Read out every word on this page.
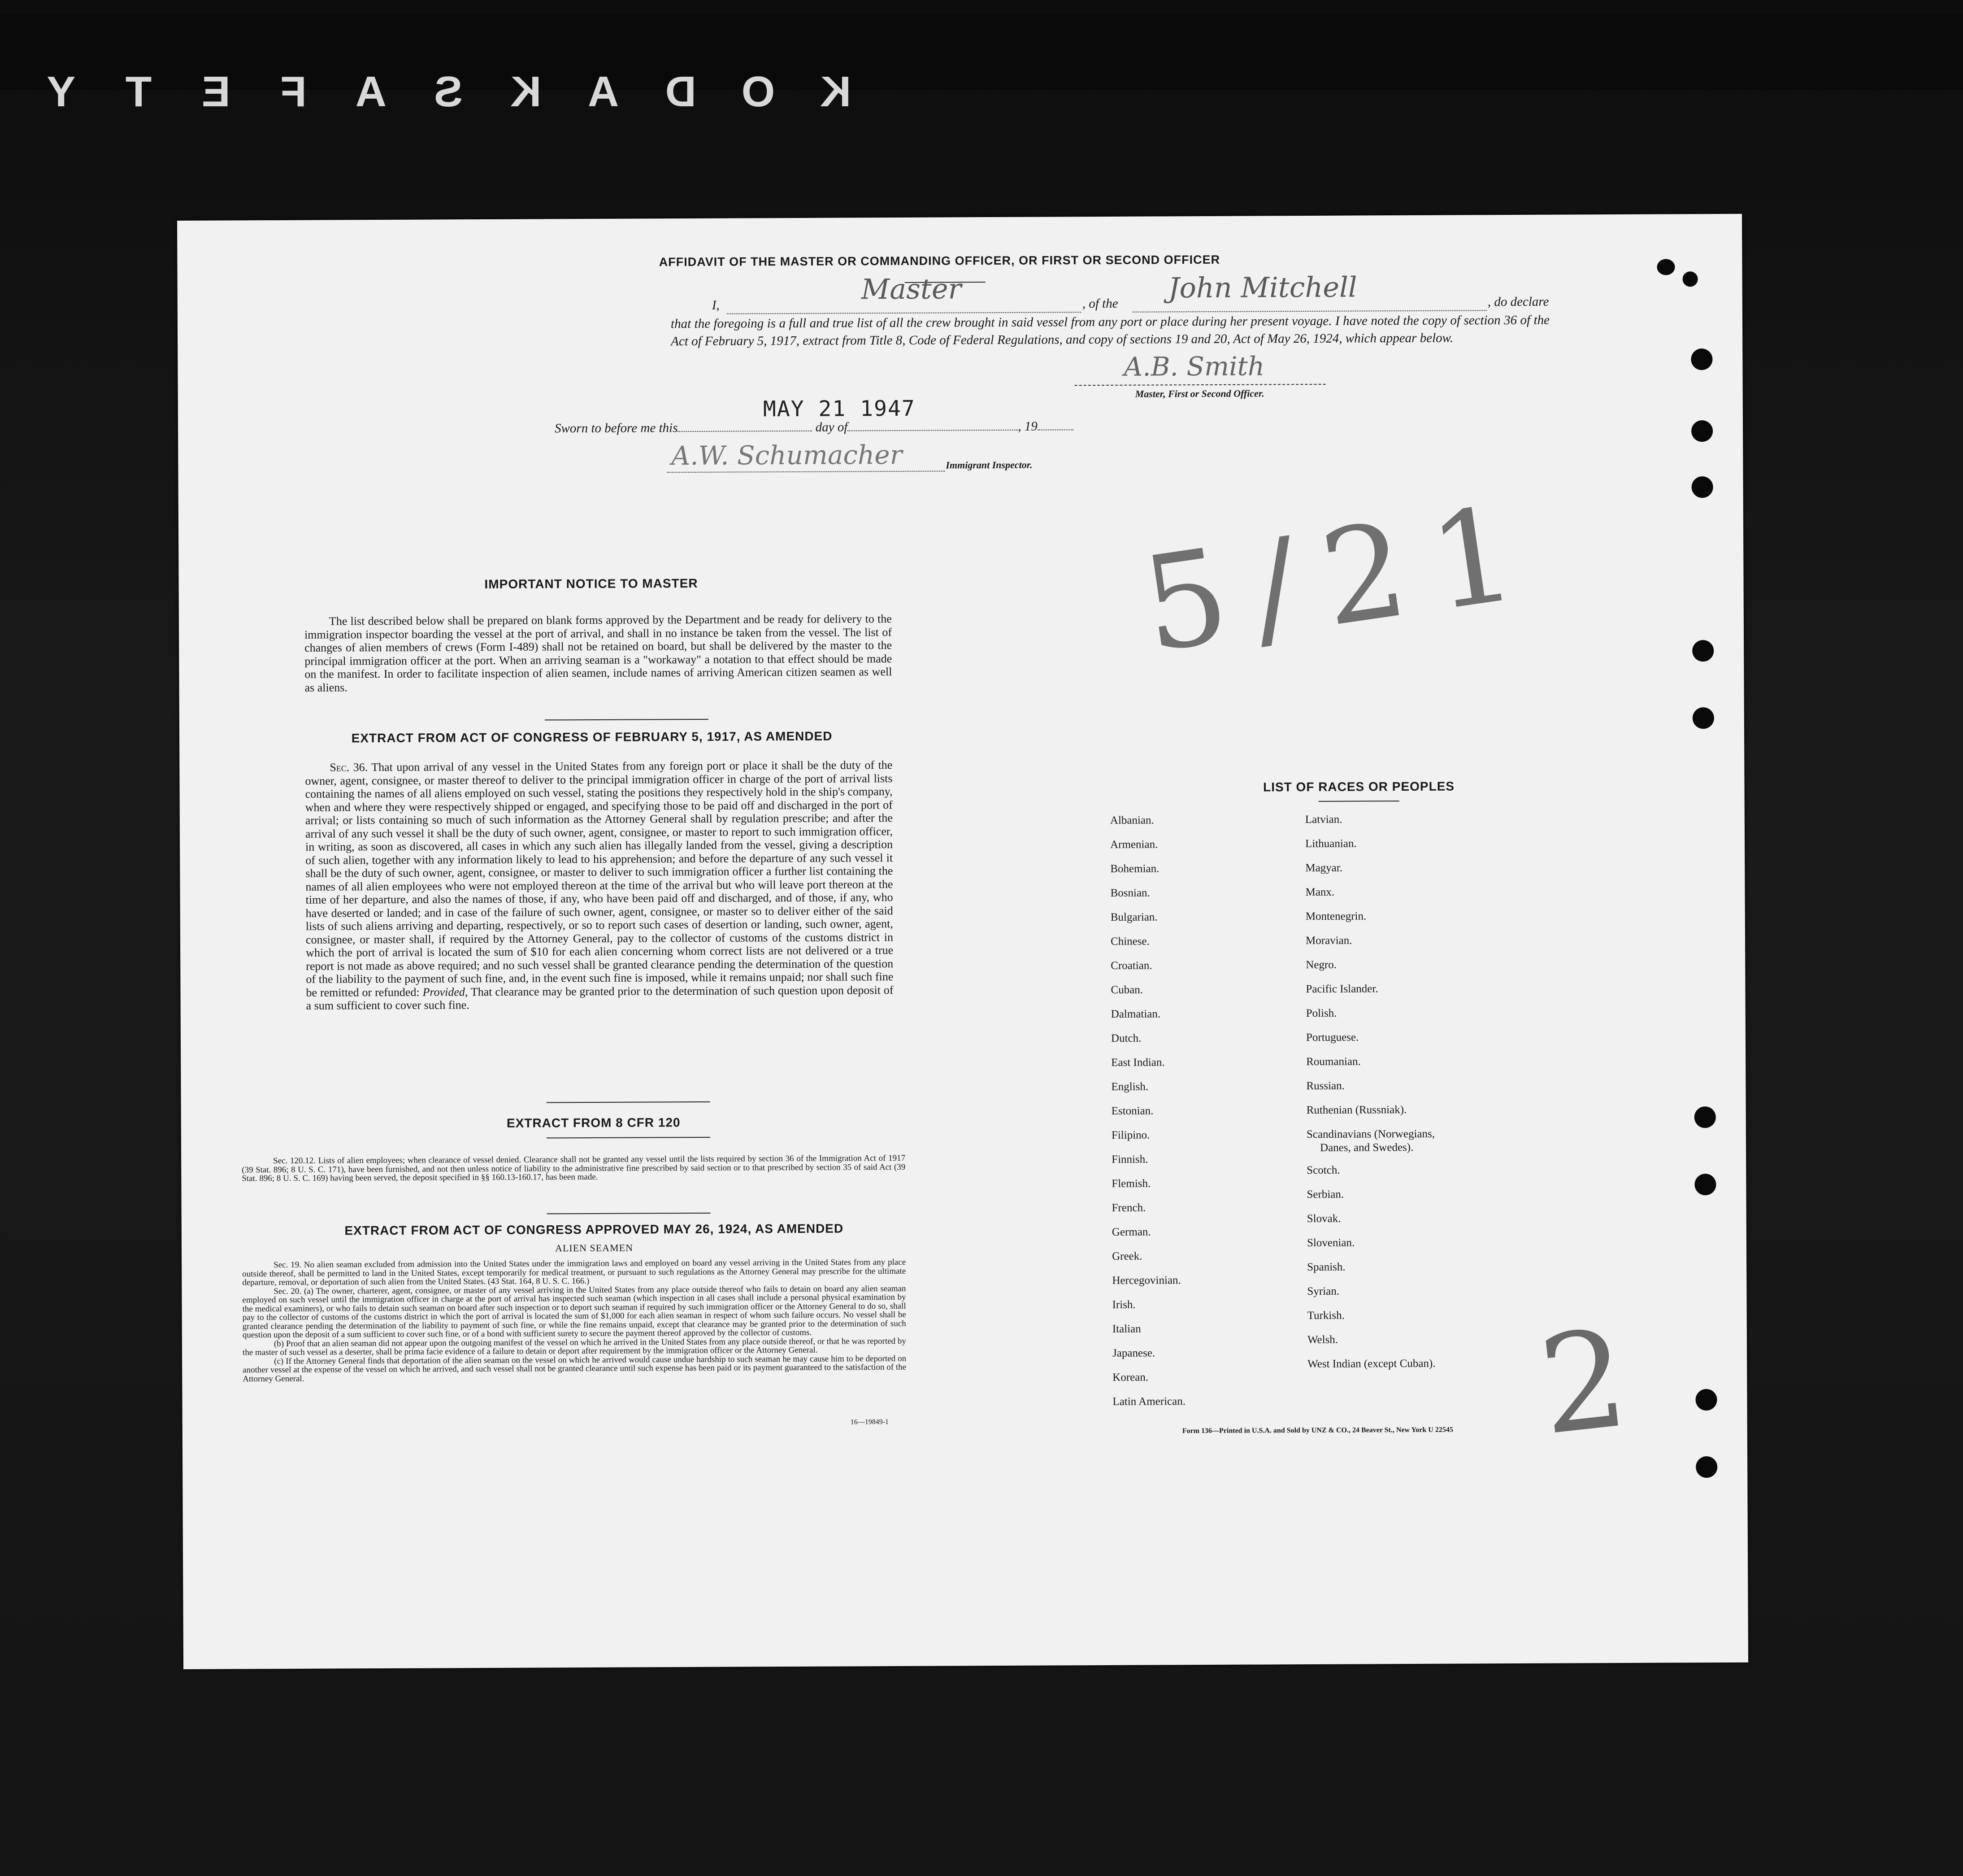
K
O
D
A
K
S
A
F
E
T
Y
AFFIDAVIT OF THE MASTER OR COMMANDING OFFICER, OR FIRST OR SECOND OFFICER
I,	Master	, of the John Mitchell	, do declare
that the foregoing is a full and true list of all the crew brought in said vessel from any port or place during her present voyage. I have noted the copy of section 36 of the Act of February 5, 1917, extract from Title 8, Code of Federal Regulations, and copy of sections 19 and 20, Act of May 26, 1924, which appear below.
A.B. Smith
Master, First or Second Officer.
MAY 21 1947
Sworn to before me this	day of	, 19
A.W. Schumacher	Immigrant Inspector.
5/21
IMPORTANT NOTICE TO MASTER
The list described below shall be prepared on blank forms approved by the Department and be ready for delivery to the immigration inspector boarding the vessel at the port of arrival, and shall in no instance be taken from the vessel. The list of changes of alien members of crews (Form I-489) shall not be retained on board, but shall be delivered by the master to the principal immigration officer at the port. When an arriving seaman is a "workaway" a notation to that effect should be made on the manifest. In order to facilitate inspection of alien seamen, include names of arriving American citizen seamen as well as aliens.
EXTRACT FROM ACT OF CONGRESS OF FEBRUARY 5, 1917, AS AMENDED
Sec. 36. That upon arrival of any vessel in the United States from any foreign port or place it shall be the duty of the owner, agent, consignee, or master thereof to deliver to the principal immigration officer in charge of the port of arrival lists containing the names of all aliens employed on such vessel, stating the positions they respectively hold in the ship's company, when and where they were respectively shipped or engaged, and specifying those to be paid off and discharged in the port of arrival; or lists containing so much of such information as the Attorney General shall by regulation prescribe; and after the arrival of any such vessel it shall be the duty of such owner, agent, consignee, or master to report to such immigration officer, in writing, as soon as discovered, all cases in which any such alien has illegally landed from the vessel, giving a description of such alien, together with any information likely to lead to his apprehension; and before the departure of any such vessel it shall be the duty of such owner, agent, consignee, or master to deliver to such immigration officer a further list containing the names of all alien employees who were not employed thereon at the time of the arrival but who will leave port thereon at the time of her departure, and also the names of those, if any, who have been paid off and discharged, and of those, if any, who have deserted or landed; and in case of the failure of such owner, agent, consignee, or master so to deliver either of the said lists of such aliens arriving and departing, respectively, or so to report such cases of desertion or landing, such owner, agent, consignee, or master shall, if required by the Attorney General, pay to the collector of customs of the customs district in which the port of arrival is located the sum of $10 for each alien concerning whom correct lists are not delivered or a true report is not made as above required; and no such vessel shall be granted clearance pending the determination of the question of the liability to the payment of such fine, and, in the event such fine is imposed, while it remains unpaid; nor shall such fine be remitted or refunded: Provided, That clearance may be granted prior to the determination of such question upon deposit of a sum sufficient to cover such fine.
EXTRACT FROM 8 CFR 120
Sec. 120.12. Lists of alien employees; when clearance of vessel denied. Clearance shall not be granted any vessel until the lists required by section 36 of the Immigration Act of 1917 (39 Stat. 896; 8 U. S. C. 171), have been furnished, and not then unless notice of liability to the administrative fine prescribed by said section or to that prescribed by section 35 of said Act (39 Stat. 896; 8 U. S. C. 169) having been served, the deposit specified in §§ 160.13-160.17, has been made.
EXTRACT FROM ACT OF CONGRESS APPROVED MAY 26, 1924, AS AMENDED
ALIEN SEAMEN
Sec. 19. No alien seaman excluded from admission into the United States under the immigration laws and employed on board any vessel arriving in the United States from any place outside thereof, shall be permitted to land in the United States, except temporarily for medical treatment, or pursuant to such regulations as the Attorney General may prescribe for the ultimate departure, removal, or deportation of such alien from the United States. (43 Stat. 164, 8 U. S. C. 166.)
Sec. 20. (a) The owner, charterer, agent, consignee, or master of any vessel arriving in the United States from any place outside thereof who fails to detain on board any alien seaman employed on such vessel until the immigration officer in charge at the port of arrival has inspected such seaman (which inspection in all cases shall include a personal physical examination by the medical examiners), or who fails to detain such seaman on board after such inspection or to deport such seaman if required by such immigration officer or the Attorney General to do so, shall pay to the collector of customs of the customs district in which the port of arrival is located the sum of $1,000 for each alien seaman in respect of whom such failure occurs. No vessel shall be granted clearance pending the determination of the liability to payment of such fine, or while the fine remains unpaid, except that clearance may be granted prior to the determination of such question upon the deposit of a sum sufficient to cover such fine, or of a bond with sufficient surety to secure the payment thereof approved by the collector of customs.
(b) Proof that an alien seaman did not appear upon the outgoing manifest of the vessel on which he arrived in the United States from any place outside thereof, or that he was reported by the master of such vessel as a deserter, shall be prima facie evidence of a failure to detain or deport after requirement by the immigration officer or the Attorney General.
(c) If the Attorney General finds that deportation of the alien seaman on the vessel on which he arrived would cause undue hardship to such seaman he may cause him to be deported on another vessel at the expense of the vessel on which he arrived, and such vessel shall not be granted clearance until such expense has been paid or its payment guaranteed to the satisfaction of the Attorney General.
16—19849-1
LIST OF RACES OR PEOPLES
Albanian.
Armenian.
Bohemian.
Bosnian.
Bulgarian.
Chinese.
Croatian.
Cuban.
Dalmatian.
Dutch.
East Indian.
English.
Estonian.
Filipino.
Finnish.
Flemish.
French.
German.
Greek.
Hercegovinian.
Irish.
Italian
Japanese.
Korean.
Latin American.
Latvian.
Lithuanian.
Magyar.
Manx.
Montenegrin.
Moravian.
Negro.
Pacific Islander.
Polish.
Portuguese.
Roumanian.
Russian.
Ruthenian (Russniak).
Scandinavians (Norwegians,
Danes, and Swedes).
Scotch.
Serbian.
Slovak.
Slovenian.
Spanish.
Syrian.
Turkish.
Welsh.
West Indian (except Cuban). 2
Form 136—Printed in U.S.A. and Sold by UNZ & CO., 24 Beaver St., New York U 22545
